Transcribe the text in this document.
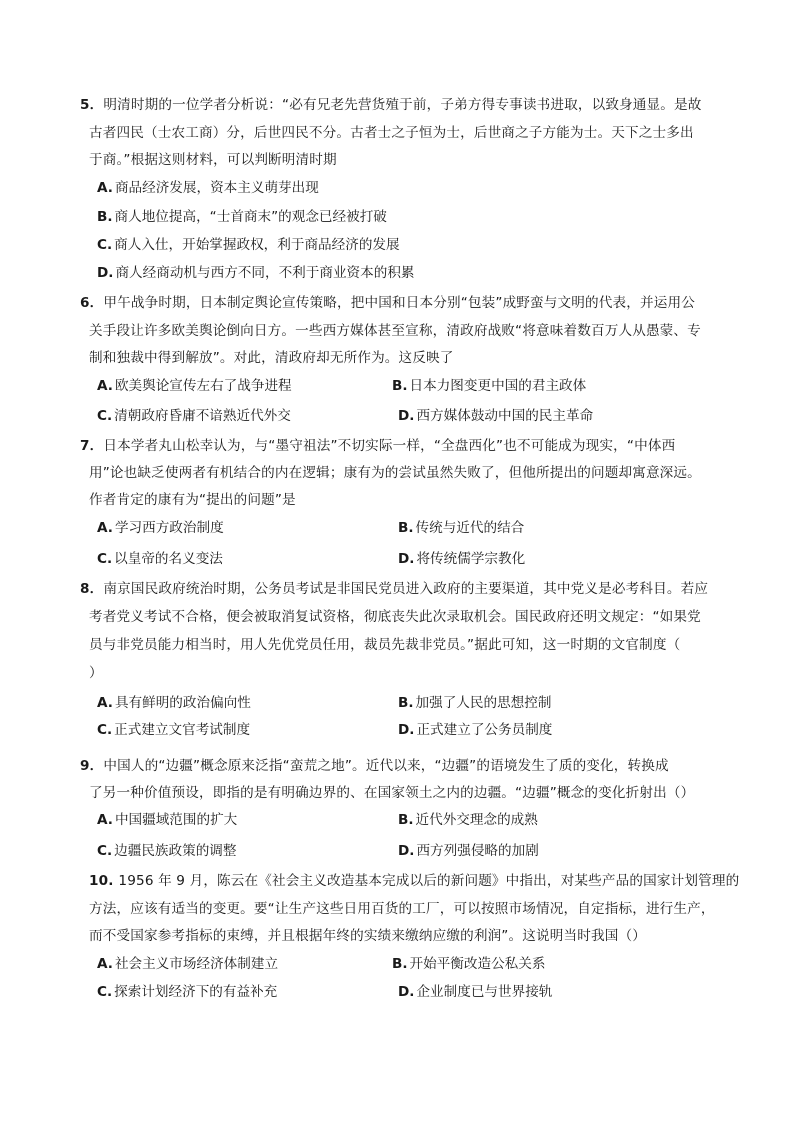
5．明清时期的一位学者分析说：“必有兄老先营货殖于前，子弟方得专事读书进取，以致身通显。是故
古者四民（士农工商）分，后世四民不分。古者士之子恒为士，后世商之子方能为士。天下之士多出
于商。”根据这则材料，可以判断明清时期
A. 商品经济发展，资本主义萌芽出现
B. 商人地位提高，“士首商末”的观念已经被打破
C. 商人入仕，开始掌握政权，利于商品经济的发展
D. 商人经商动机与西方不同，不利于商业资本的积累
6．甲午战争时期，日本制定舆论宣传策略，把中国和日本分别“包装”成野蛮与文明的代表，并运用公
关手段让许多欧美舆论倒向日方。一些西方媒体甚至宣称，清政府战败“将意味着数百万人从愚蒙、专
制和独裁中得到解放”。对此，清政府却无所作为。这反映了
A. 欧美舆论宣传左右了战争进程	B. 日本力图变更中国的君主政体
C. 清朝政府昏庸不谙熟近代外交	D. 西方媒体鼓动中国的民主革命
7．日本学者丸山松幸认为，与“墨守祖法”不切实际一样，“全盘西化”也不可能成为现实，“中体西
用”论也缺乏使两者有机结合的内在逻辑；康有为的尝试虽然失败了，但他所提出的问题却寓意深远。
作者肯定的康有为“提出的问题”是
A. 学习西方政治制度	B. 传统与近代的结合
C. 以皇帝的名义变法	D. 将传统儒学宗教化
8．南京国民政府统治时期，公务员考试是非国民党员进入政府的主要渠道，其中党义是必考科目。若应
考者党义考试不合格，便会被取消复试资格，彻底丧失此次录取机会。国民政府还明文规定：“如果党
员与非党员能力相当时，用人先优党员任用，裁员先裁非党员。”据此可知，这一时期的文官制度（
）
A. 具有鲜明的政治偏向性	B. 加强了人民的思想控制
C. 正式建立文官考试制度	D. 正式建立了公务员制度
9．中国人的“边疆”概念原来泛指“蛮荒之地”。近代以来，“边疆”的语境发生了质的变化，转换成
了另一种价值预设，即指的是有明确边界的、在国家领土之内的边疆。“边疆”概念的变化折射出（）
A. 中国疆域范围的扩大	B. 近代外交理念的成熟
C. 边疆民族政策的调整	D. 西方列强侵略的加剧
10. 1956 年 9 月，陈云在《社会主义改造基本完成以后的新问题》中指出，对某些产品的国家计划管理的
方法，应该有适当的变更。要“让生产这些日用百货的工厂，可以按照市场情况，自定指标，进行生产，
而不受国家参考指标的束缚，并且根据年终的实绩来缴纳应缴的利润”。这说明当时我国（）
A. 社会主义市场经济体制建立	B. 开始平衡改造公私关系
C. 探索计划经济下的有益补充	D. 企业制度已与世界接轨
